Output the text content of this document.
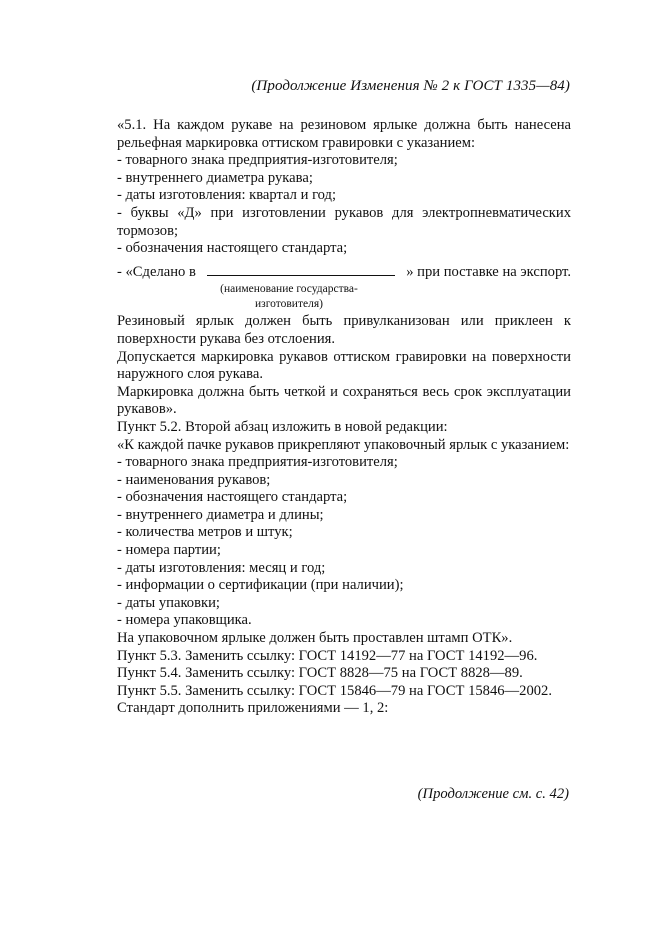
(Продолжение Изменения № 2 к ГОСТ 1335—84)

«5.1. На каждом рукаве на резиновом ярлыке должна быть нанесена рельефная маркировка оттиском гравировки с указанием:

- товарного знака предприятия-изготовителя;

- внутреннего диаметра рукава;

- даты изготовления: квартал и год;

- буквы «Д» при изготовлении рукавов для электропневматических тормозов;

- обозначения настоящего стандарта;

- «Сделано в	» при поставке на экспорт.
(наименование государства-изготовителя)

Резиновый ярлык должен быть привулканизован или приклеен к поверхности рукава без отслоения.

Допускается маркировка рукавов оттиском гравировки на поверхности наружного слоя рукава.

Маркировка должна быть четкой и сохраняться весь срок эксплуатации рукавов».

Пункт 5.2. Второй абзац изложить в новой редакции:

«К каждой пачке рукавов прикрепляют упаковочный ярлык с указанием:

- товарного знака предприятия-изготовителя;

- наименования рукавов;

- обозначения настоящего стандарта;

- внутреннего диаметра и длины;

- количества метров и штук;

- номера партии;

- даты изготовления: месяц и год;

- информации о сертификации (при наличии);

- даты упаковки;

- номера упаковщика.

На упаковочном ярлыке должен быть проставлен штамп ОТК».

Пункт 5.3. Заменить ссылку: ГОСТ 14192—77 на ГОСТ 14192—96.

Пункт 5.4. Заменить ссылку: ГОСТ 8828—75 на ГОСТ 8828—89.

Пункт 5.5. Заменить ссылку: ГОСТ 15846—79 на ГОСТ 15846—2002.

Стандарт дополнить приложениями — 1, 2:

(Продолжение см. с. 42)
